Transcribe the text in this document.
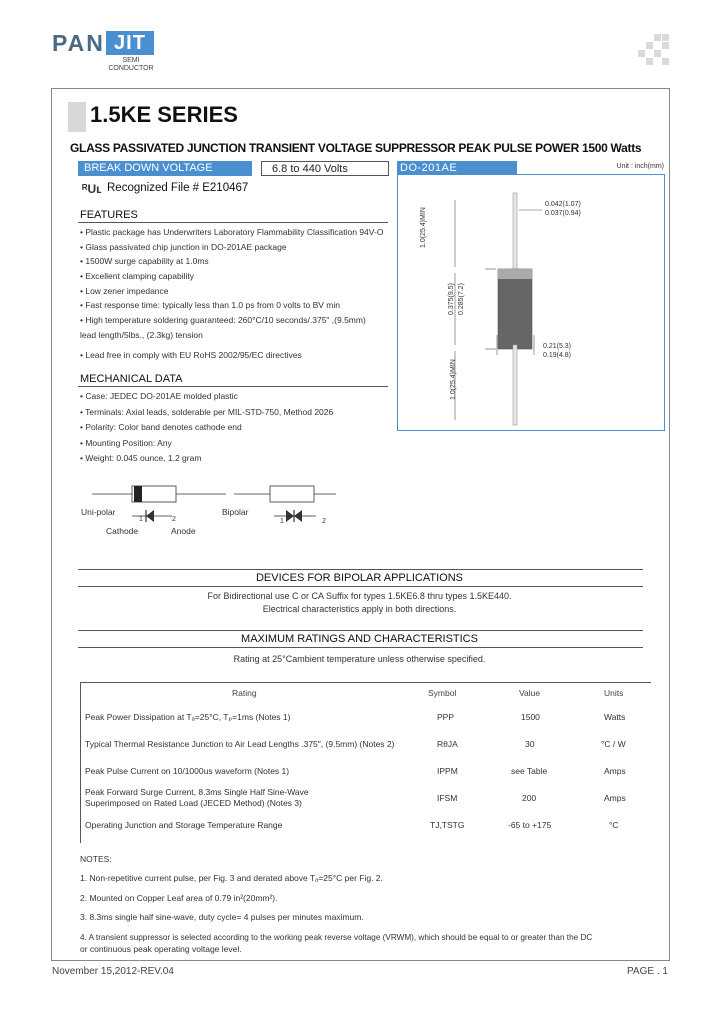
PAN JIT
SEMI
CONDUCTOR
1.5KE SERIES
GLASS PASSIVATED JUNCTION TRANSIENT VOLTAGE SUPPRESSOR PEAK PULSE POWER 1500 Watts
BREAK DOWN VOLTAGE	6.8 to 440 Volts	DO-201AE	Unit : inch(mm)
ᴿUʟ Recognized File # E210467
FEATURES
• Plastic package has Underwriters Laboratory Flammability Classification 94V-O
• Glass passivated chip junction in DO-201AE package
• 1500W surge capability at 1.0ms
• Excellent clamping capability
• Low zener impedance
• Fast response time: typically less than 1.0 ps from 0 volts to BV min
• High temperature soldering guaranteed: 260°C/10 seconds/.375" ,(9.5mm)
lead length/5lbs., (2.3kg) tension
• Lead free in comply with EU RoHS 2002/95/EC directives
MECHANICAL DATA
• Case: JEDEC DO-201AE molded plastic
• Terminals: Axial leads, solderable per MIL-STD-750, Method 2026
• Polarity: Color band denotes cathode end
• Mounting Position: Any
• Weight: 0.045 ounce, 1.2 gram
0.042(1.07)
0.037(0.94)
0.21(5.3)
0.19(4.8)
1.0(25.4)MIN
0.375(9.5) 0.285(7.2)
1.0(25.4)MIN
Uni-polar	Bipolar
1	2	1	2
Cathode	Anode
DEVICES FOR BIPOLAR APPLICATIONS
For Bidirectional use C or CA Suffix for types 1.5KE6.8 thru types 1.5KE440.
Electrical characteristics apply in both directions.
MAXIMUM RATINGS AND CHARACTERISTICS
Rating at 25°Cambient temperature unless otherwise specified.
Rating	Symbol	Value	Units
Peak Power Dissipation at Tₐ=25°C, Tₚ=1ms (Notes 1)	PPP	1500	Watts
Typical Thermal Resistance Junction to Air Lead Lengths .375", (9.5mm) (Notes 2)	RθJA	30	°C / W
Peak Pulse Current on 10/1000us waveform (Notes 1)	IPPM	see Table	Amps
Peak Forward Surge Current, 8.3ms Single Half Sine-Wave
Superimposed on Rated Load (JECED Method) (Notes 3)	IFSM	200	Amps
Operating Junction and Storage Temperature Range	TJ,TSTG	-65 to +175	°C
NOTES:
1. Non-repetitive current pulse, per Fig. 3 and derated above Tₐ=25°C per Fig. 2.
2. Mounted on Copper Leaf area of 0.79 in²(20mm²).
3. 8.3ms single half sine-wave, duty cycle= 4 pulses per minutes maximum.
4. A transient suppressor is selected according to the working peak reverse voltage (VRWM), which should be equal to or greater than the DC
or continuous peak operating voltage level.
November 15,2012-REV.04	PAGE . 1
